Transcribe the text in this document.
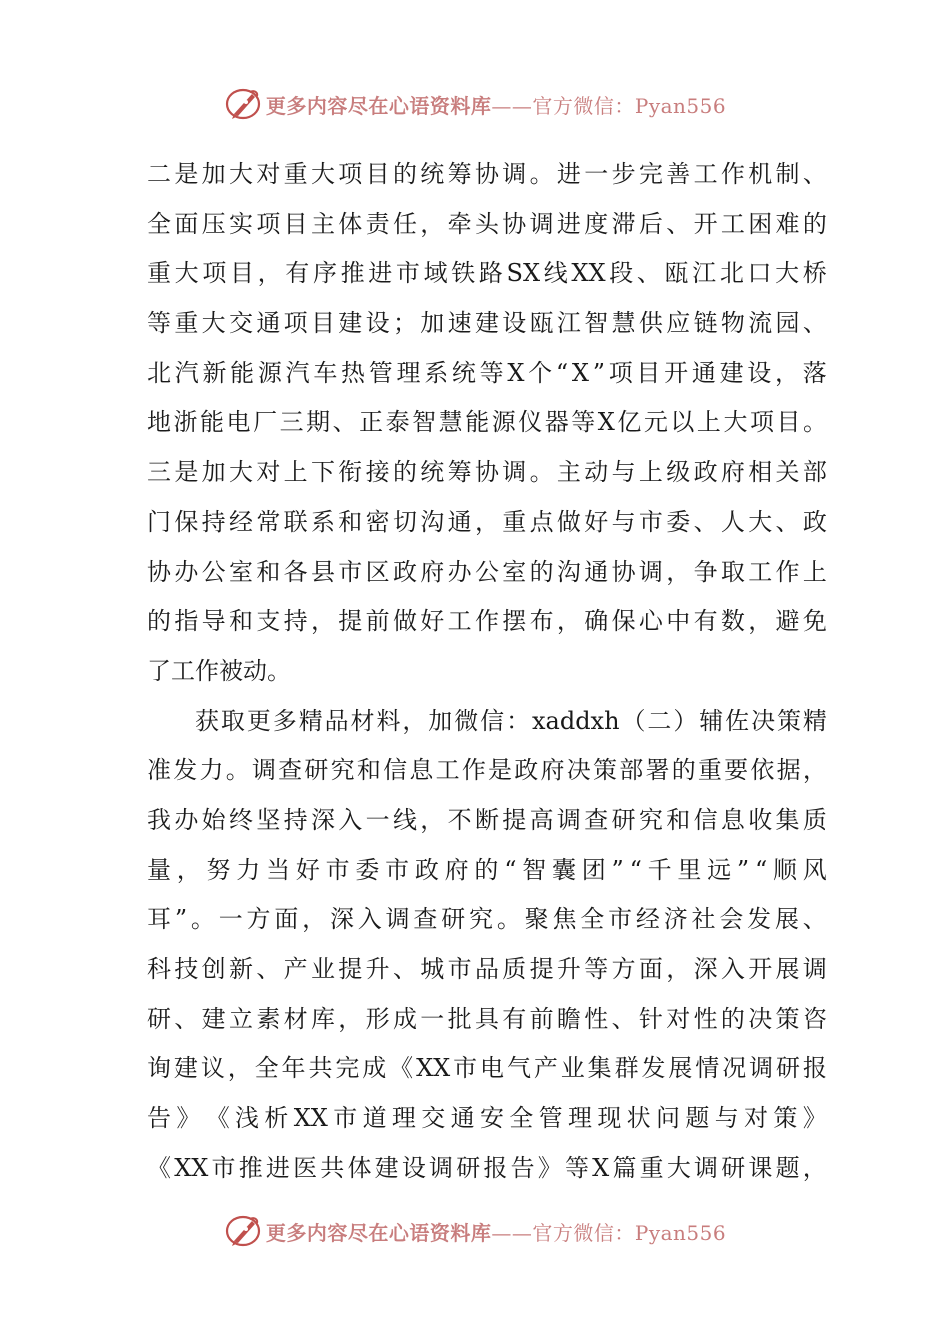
更多内容尽在心语资料库——官方微信：Pyan556
二 是 加 大 对 重 大 项 目 的 统 筹 协 调 。 进 一 步 完 善 工 作 机 制 、
全 面 压 实 项 目 主 体 责 任 ， 牵 头 协 调 进 度 滞 后 、 开 工 困 难 的
重 大 项 目 ， 有 序 推 进 市 域 铁 路 SX 线 XX 段 、 瓯 江 北 口 大 桥
等 重 大 交 通 项 目 建 设 ； 加 速 建 设 瓯 江 智 慧 供 应 链 物 流 园 、
北 汽 新 能 源 汽 车 热 管 理 系 统 等 X 个 “ X ” 项 目 开 通 建 设 ， 落
地 浙 能 电 厂 三 期 、 正 泰 智 慧 能 源 仪 器 等 X 亿 元 以 上 大 项 目 。
三 是 加 大 对 上 下 衔 接 的 统 筹 协 调 。 主 动 与 上 级 政 府 相 关 部
门 保 持 经 常 联 系 和 密 切 沟 通 ， 重 点 做 好 与 市 委 、 人 大 、 政
协 办 公 室 和 各 县 市 区 政 府 办 公 室 的 沟 通 协 调 ， 争 取 工 作 上
的 指 导 和 支 持 ， 提 前 做 好 工 作 摆 布 ， 确 保 心 中 有 数 ， 避 免
了 工 作 被 动 。
获 取 更 多 精 品 材 料 ， 加 微 信 ： xaddxh （ 二 ） 辅 佐 决 策 精
准 发 力 。 调 查 研 究 和 信 息 工 作 是 政 府 决 策 部 署 的 重 要 依 据 ，
我 办 始 终 坚 持 深 入 一 线 ， 不 断 提 高 调 查 研 究 和 信 息 收 集 质
量 ， 努 力 当 好 市 委 市 政 府 的 “ 智 囊 团 ” “ 千 里 远 ” “ 顺 风
耳 ” 。 一 方 面 ， 深 入 调 查 研 究 。 聚 焦 全 市 经 济 社 会 发 展 、
科 技 创 新 、 产 业 提 升 、 城 市 品 质 提 升 等 方 面 ， 深 入 开 展 调
研 、 建 立 素 材 库 ， 形 成 一 批 具 有 前 瞻 性 、 针 对 性 的 决 策 咨
询 建 议 ， 全 年 共 完 成 《 XX 市 电 气 产 业 集 群 发 展 情 况 调 研 报
告 》 《 浅 析 XX 市 道 理 交 通 安 全 管 理 现 状 问 题 与 对 策 》
《 XX 市 推 进 医 共 体 建 设 调 研 报 告 》 等 X 篇 重 大 调 研 课 题 ，
更多内容尽在心语资料库——官方微信：Pyan556
